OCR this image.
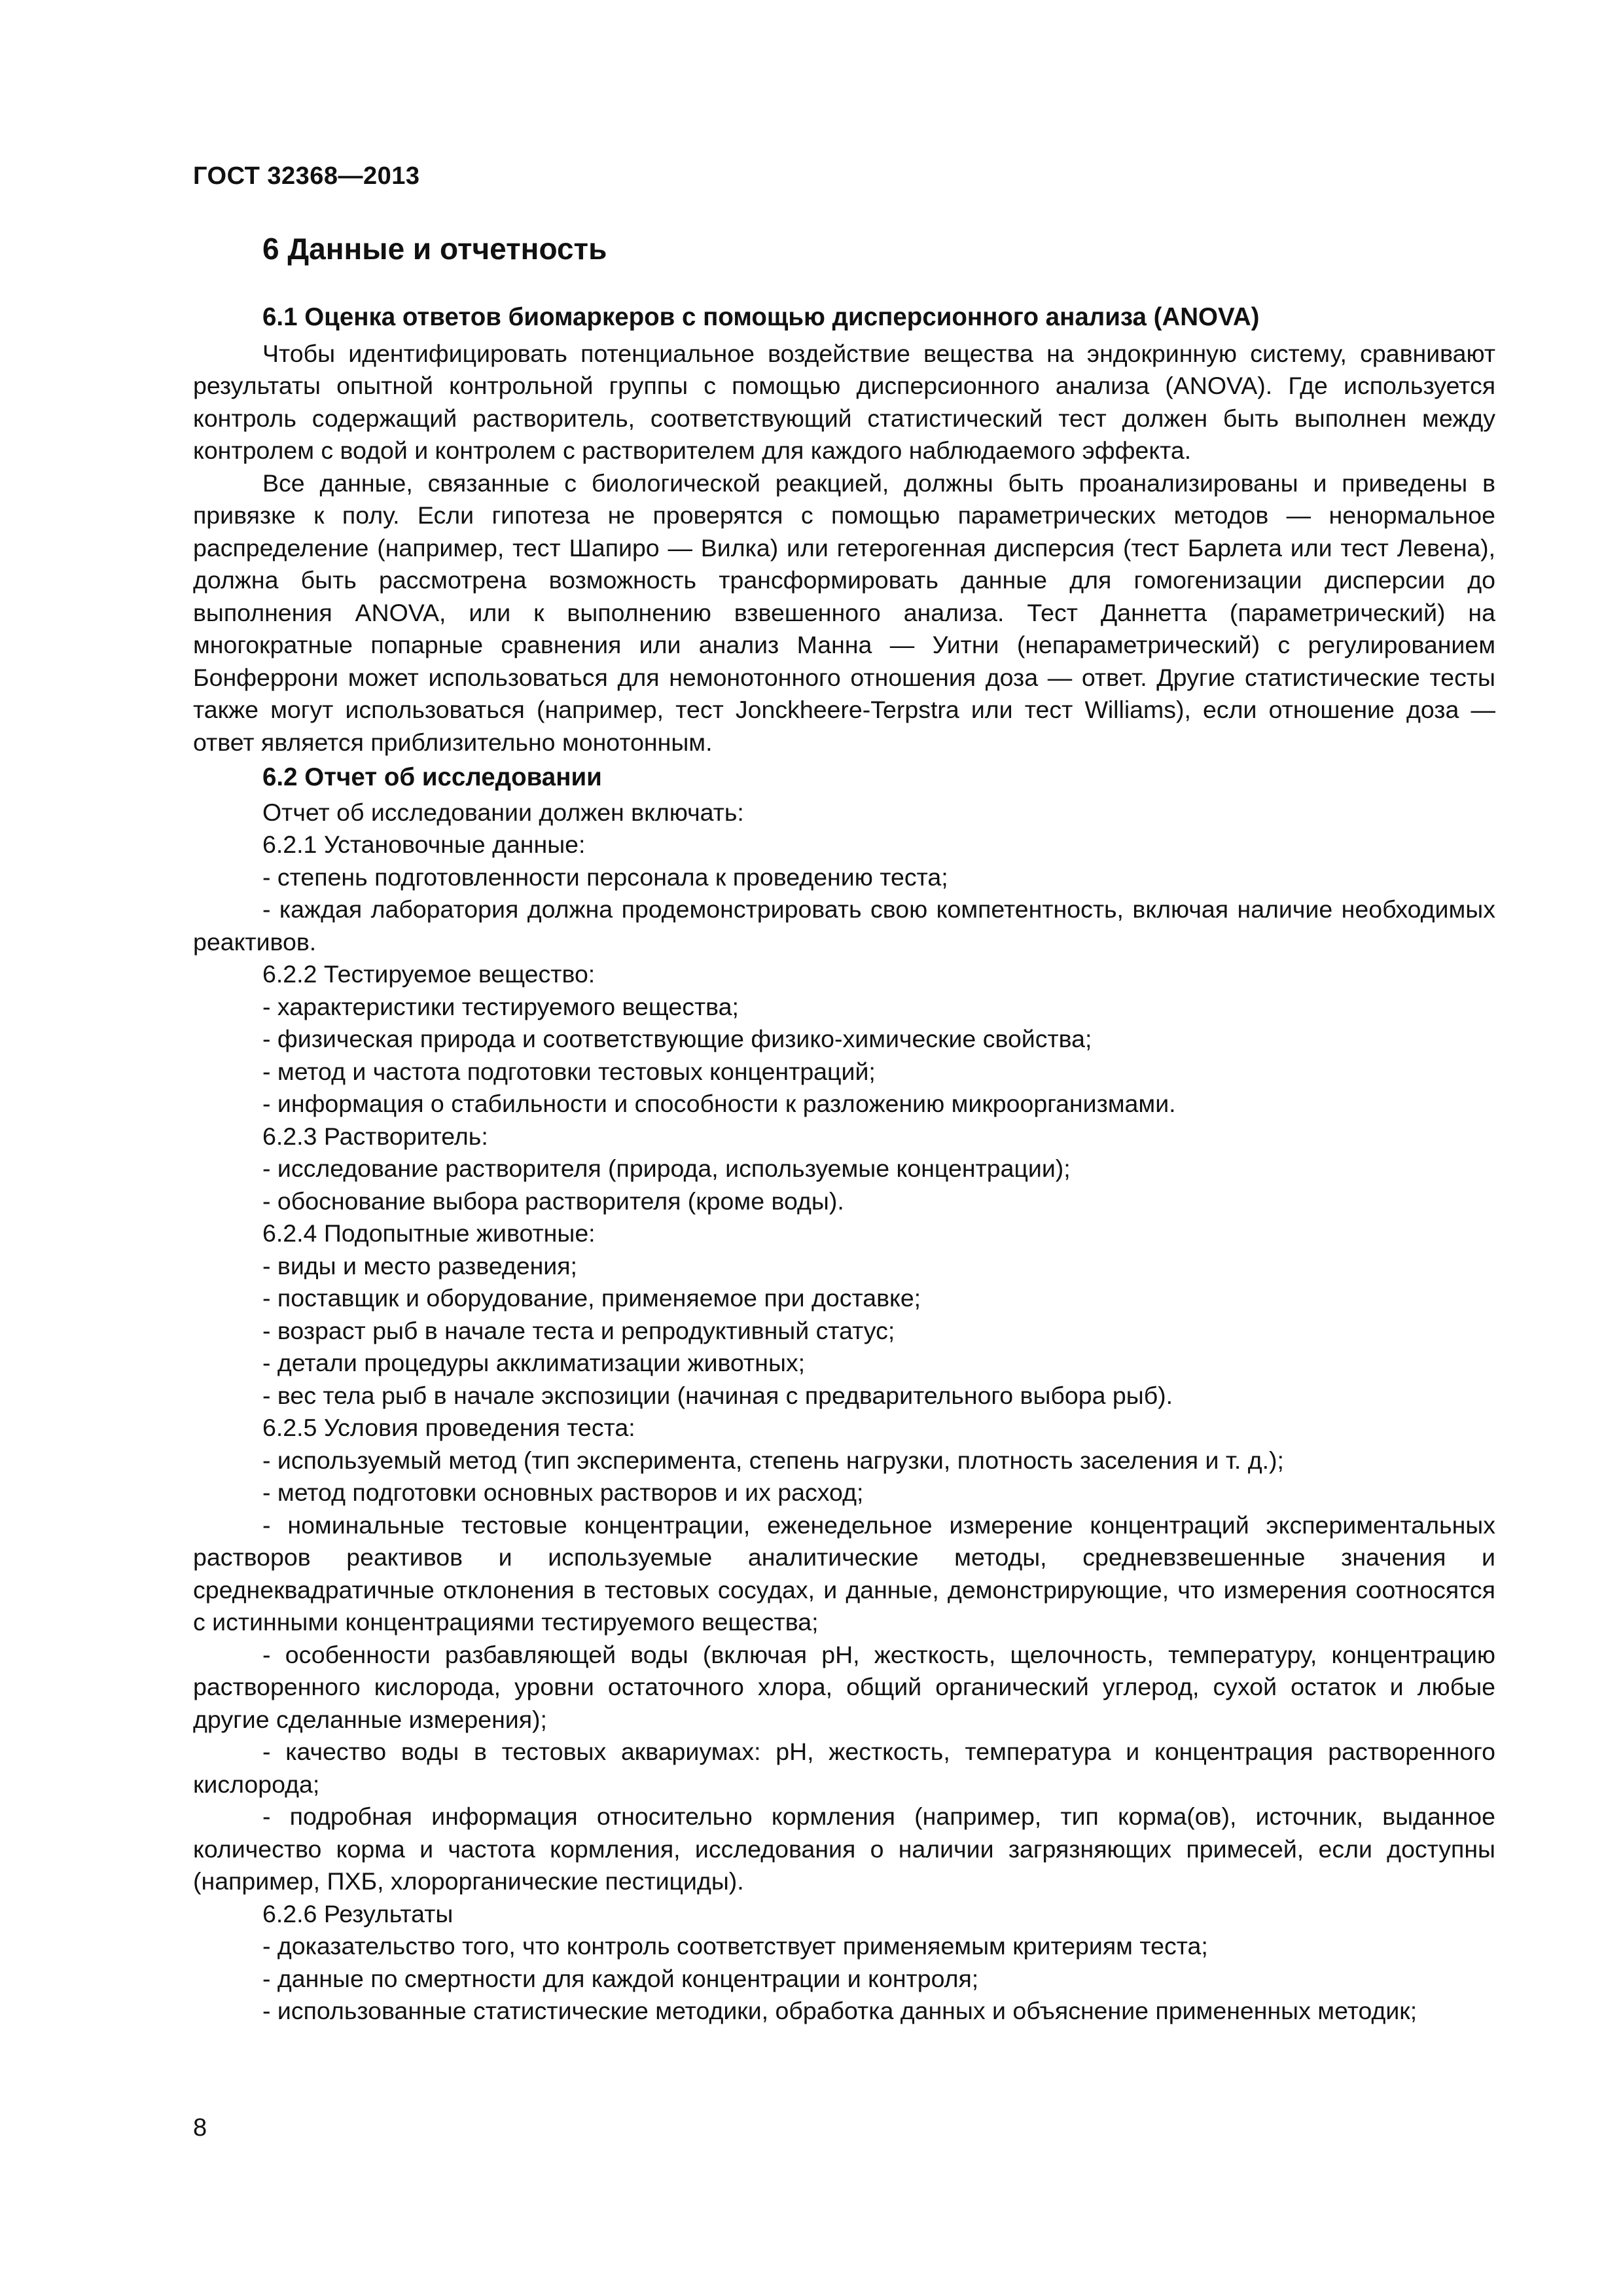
ГОСТ 32368—2013
6 Данные и отчетность
6.1 Оценка ответов биомаркеров с помощью дисперсионного анализа (ANOVA)

Чтобы идентифицировать потенциальное воздействие вещества на эндокринную систему, сравнивают результаты опытной контрольной группы с помощью дисперсионного анализа (ANOVA). Где используется контроль содержащий растворитель, соответствующий статистический тест должен быть выполнен между контролем с водой и контролем с растворителем для каждого наблюдаемого эффекта.

Все данные, связанные с биологической реакцией, должны быть проанализированы и приведены в привязке к полу. Если гипотеза не проверятся с помощью параметрических методов — ненормальное распределение (например, тест Шапиро — Вилка) или гетерогенная дисперсия (тест Барлета или тест Левена), должна быть рассмотрена возможность трансформировать данные для гомогенизации дисперсии до выполнения ANOVA, или к выполнению взвешенного анализа. Тест Даннетта (параметрический) на многократные попарные сравнения или анализ Манна — Уитни (непараметрический) с регулированием Бонферрони может использоваться для немонотонного отношения доза — ответ. Другие статистические тесты также могут использоваться (например, тест Jonckheere-Terpstra или тест Williams), если отношение доза — ответ является приблизительно монотонным.

6.2 Отчет об исследовании

Отчет об исследовании должен включать:

6.2.1 Установочные данные:

- степень подготовленности персонала к проведению теста;

- каждая лаборатория должна продемонстрировать свою компетентность, включая наличие необходимых реактивов.

6.2.2 Тестируемое вещество:

- характеристики тестируемого вещества;

- физическая природа и соответствующие физико-химические свойства;

- метод и частота подготовки тестовых концентраций;

- информация о стабильности и способности к разложению микроорганизмами.

6.2.3 Растворитель:

- исследование растворителя (природа, используемые концентрации);

- обоснование выбора растворителя (кроме воды).

6.2.4 Подопытные животные:

- виды и место разведения;

- поставщик и оборудование, применяемое при доставке;

- возраст рыб в начале теста и репродуктивный статус;

- детали процедуры акклиматизации животных;

- вес тела рыб в начале экспозиции (начиная с предварительного выбора рыб).

6.2.5 Условия проведения теста:

- используемый метод (тип эксперимента, степень нагрузки, плотность заселения и т. д.);

- метод подготовки основных растворов и их расход;

- номинальные тестовые концентрации, еженедельное измерение концентраций экспериментальных растворов реактивов и используемые аналитические методы, средневзвешенные значения и среднеквадратичные отклонения в тестовых сосудах, и данные, демонстрирующие, что измерения соотносятся с истинными концентрациями тестируемого вещества;

- особенности разбавляющей воды (включая pH, жесткость, щелочность, температуру, концентрацию растворенного кислорода, уровни остаточного хлора, общий органический углерод, сухой остаток и любые другие сделанные измерения);

- качество воды в тестовых аквариумах: pH, жесткость, температура и концентрация растворенного кислорода;

- подробная информация относительно кормления (например, тип корма(ов), источник, выданное количество корма и частота кормления, исследования о наличии загрязняющих примесей, если доступны (например, ПХБ, хлорорганические пестициды).

6.2.6 Результаты

- доказательство того, что контроль соответствует применяемым критериям теста;

- данные по смертности для каждой концентрации и контроля;

- использованные статистические методики, обработка данных и объяснение примененных методик;

8
